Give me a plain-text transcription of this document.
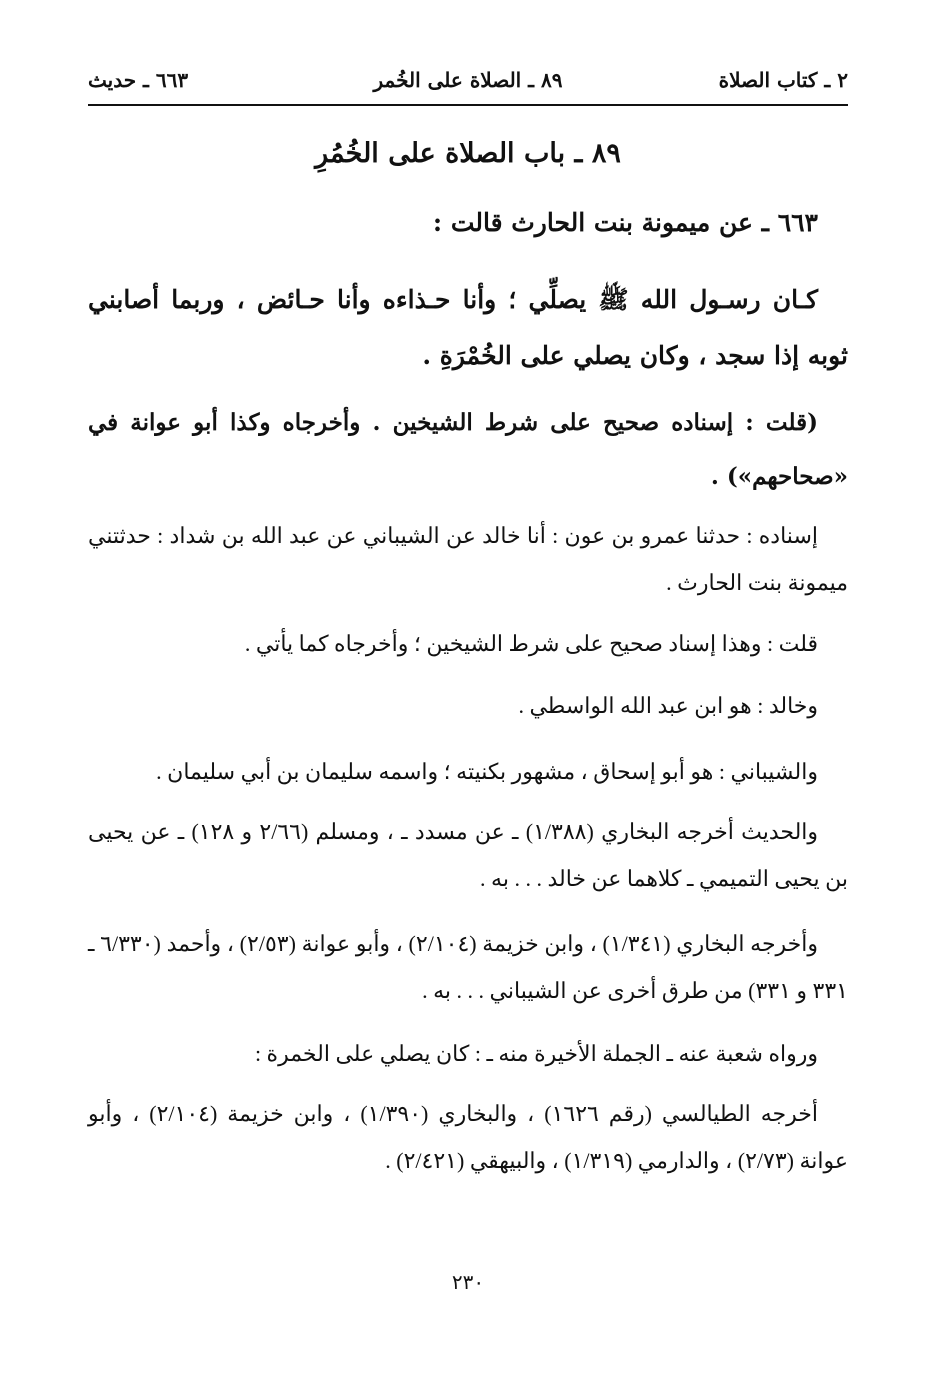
٢ ـ كتاب الصلاة
٨٩ ـ الصلاة على الخُمر
٦٦٣ ـ حديث
٨٩ ـ باب الصلاة على الخُمُرِ
٦٦٣ ـ عن ميمونة بنت الحارث قالت :

كـان رسـول الله ﷺ يصلِّي ؛ وأنا حـذاءه وأنا حـائض ، وربما أصابني ثوبه إذا سجد ، وكان يصلي على الخُمْرَةِ .

(قلت : إسناده صحيح على شرط الشيخين . وأخرجاه وكذا أبو عوانة في «صحاحهم») .

إسناده : حدثنا عمرو بن عون : أنا خالد عن الشيباني عن عبد الله بن شداد : حدثتني ميمونة بنت الحارث .

قلت : وهذا إسناد صحيح على شرط الشيخين ؛ وأخرجاه كما يأتي .

وخالد : هو ابن عبد الله الواسطي .

والشيباني : هو أبو إسحاق ، مشهور بكنيته ؛ واسمه سليمان بن أبي سليمان .

والحديث أخرجه البخاري (١/٣٨٨) ـ عن مسدد ـ ، ومسلم (٢/٦٦ و ١٢٨) ـ عن يحيى بن يحيى التميمي ـ كلاهما عن خالد . . . به .

وأخرجه البخاري (١/٣٤١) ، وابن خزيمة (٢/١٠٤) ، وأبو عوانة (٢/٥٣) ، وأحمد (٦/٣٣٠ ـ ٣٣١ و ٣٣١) من طرق أخرى عن الشيباني . . . به .

ورواه شعبة عنه ـ الجملة الأخيرة منه ـ : كان يصلي على الخمرة :

أخرجه الطيالسي (رقم ١٦٢٦) ، والبخاري (١/٣٩٠) ، وابن خزيمة (٢/١٠٤) ، وأبو عوانة (٢/٧٣) ، والدارمي (١/٣١٩) ، والبيهقي (٢/٤٢١) .

٢٣٠
